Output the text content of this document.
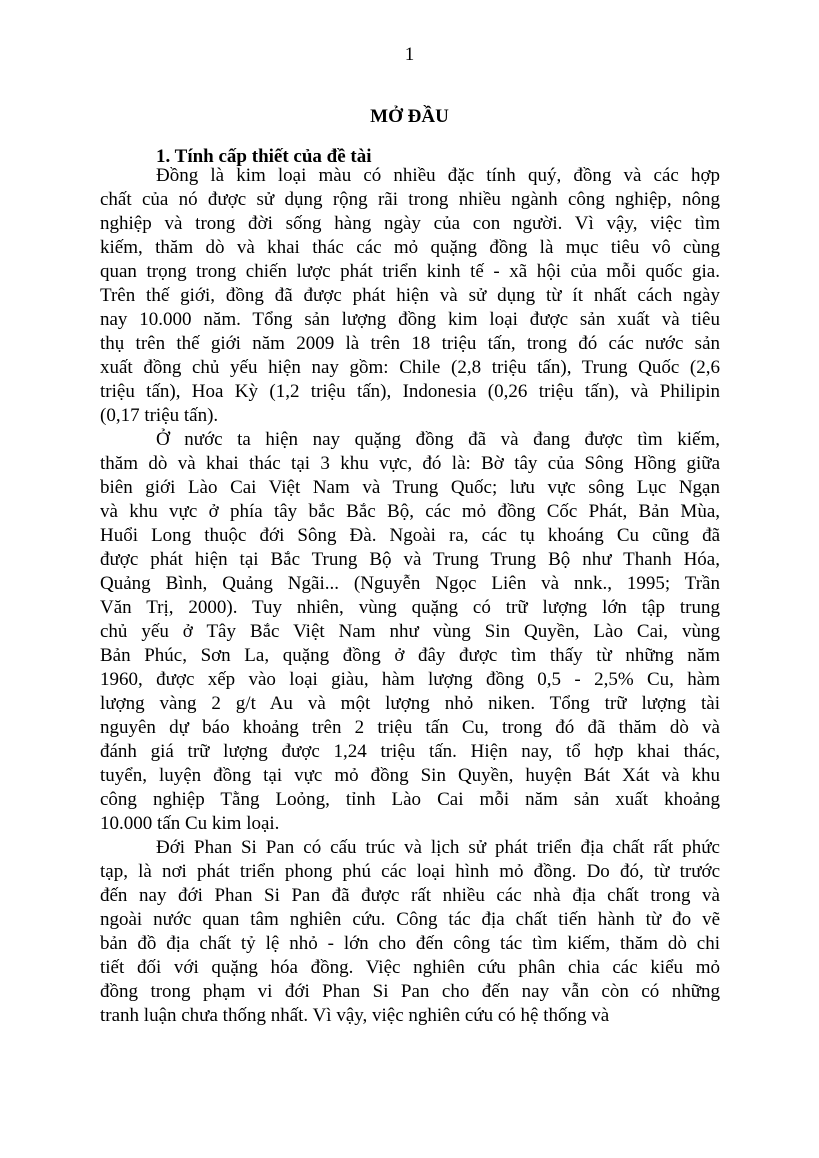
1
MỞ ĐẦU
1. Tính cấp thiết của đề tài
Đồng là kim loại màu có nhiều đặc tính quý, đồng và các hợp
chất của nó được sử dụng rộng rãi trong nhiều ngành công nghiệp, nông
nghiệp và trong đời sống hàng ngày của con người. Vì vậy, việc tìm
kiếm, thăm dò và khai thác các mỏ quặng đồng là mục tiêu vô cùng
quan trọng trong chiến lược phát triển kinh tế - xã hội của mỗi quốc gia.
Trên thế giới, đồng đã được phát hiện và sử dụng từ ít nhất cách ngày
nay 10.000 năm. Tổng sản lượng đồng kim loại được sản xuất và tiêu
thụ trên thế giới năm 2009 là trên 18 triệu tấn, trong đó các nước sản
xuất đồng chủ yếu hiện nay gồm: Chile (2,8 triệu tấn), Trung Quốc (2,6
triệu tấn), Hoa Kỳ (1,2 triệu tấn), Indonesia (0,26 triệu tấn), và Philipin
(0,17 triệu tấn).
Ở nước ta hiện nay quặng đồng đã và đang được tìm kiếm,
thăm dò và khai thác tại 3 khu vực, đó là: Bờ tây của Sông Hồng giữa
biên giới Lào Cai Việt Nam và Trung Quốc; lưu vực sông Lục Ngạn
và khu vực ở phía tây bắc Bắc Bộ, các mỏ đồng Cốc Phát, Bản Mùa,
Huổi Long thuộc đới Sông Đà. Ngoài ra, các tụ khoáng Cu cũng đã
được phát hiện tại Bắc Trung Bộ và Trung Trung Bộ như Thanh Hóa,
Quảng Bình, Quảng Ngãi... (Nguyễn Ngọc Liên và nnk., 1995; Trần
Văn Trị, 2000). Tuy nhiên, vùng quặng có trữ lượng lớn tập trung
chủ yếu ở Tây Bắc Việt Nam như vùng Sin Quyền, Lào Cai, vùng
Bản Phúc, Sơn La, quặng đồng ở đây được tìm thấy từ những năm
1960, được xếp vào loại giàu, hàm lượng đồng 0,5 - 2,5% Cu, hàm
lượng vàng 2 g/t Au và một lượng nhỏ niken. Tổng trữ lượng tài
nguyên dự báo khoảng trên 2 triệu tấn Cu, trong đó đã thăm dò và
đánh giá trữ lượng được 1,24 triệu tấn. Hiện nay, tổ hợp khai thác,
tuyển, luyện đồng tại vực mỏ đồng Sin Quyền, huyện Bát Xát và khu
công nghiệp Tằng Loỏng, tỉnh Lào Cai mỗi năm sản xuất khoảng
10.000 tấn Cu kim loại.
Đới Phan Si Pan có cấu trúc và lịch sử phát triển địa chất rất phức
tạp, là nơi phát triển phong phú các loại hình mỏ đồng. Do đó, từ trước
đến nay đới Phan Si Pan đã được rất nhiều các nhà địa chất trong và
ngoài nước quan tâm nghiên cứu. Công tác địa chất tiến hành từ đo vẽ
bản đồ địa chất tỷ lệ nhỏ - lớn cho đến công tác tìm kiếm, thăm dò chi
tiết đối với quặng hóa đồng. Việc nghiên cứu phân chia các kiểu mỏ
đồng trong phạm vi đới Phan Si Pan cho đến nay vẫn còn có những
tranh luận chưa thống nhất. Vì vậy, việc nghiên cứu có hệ thống và
